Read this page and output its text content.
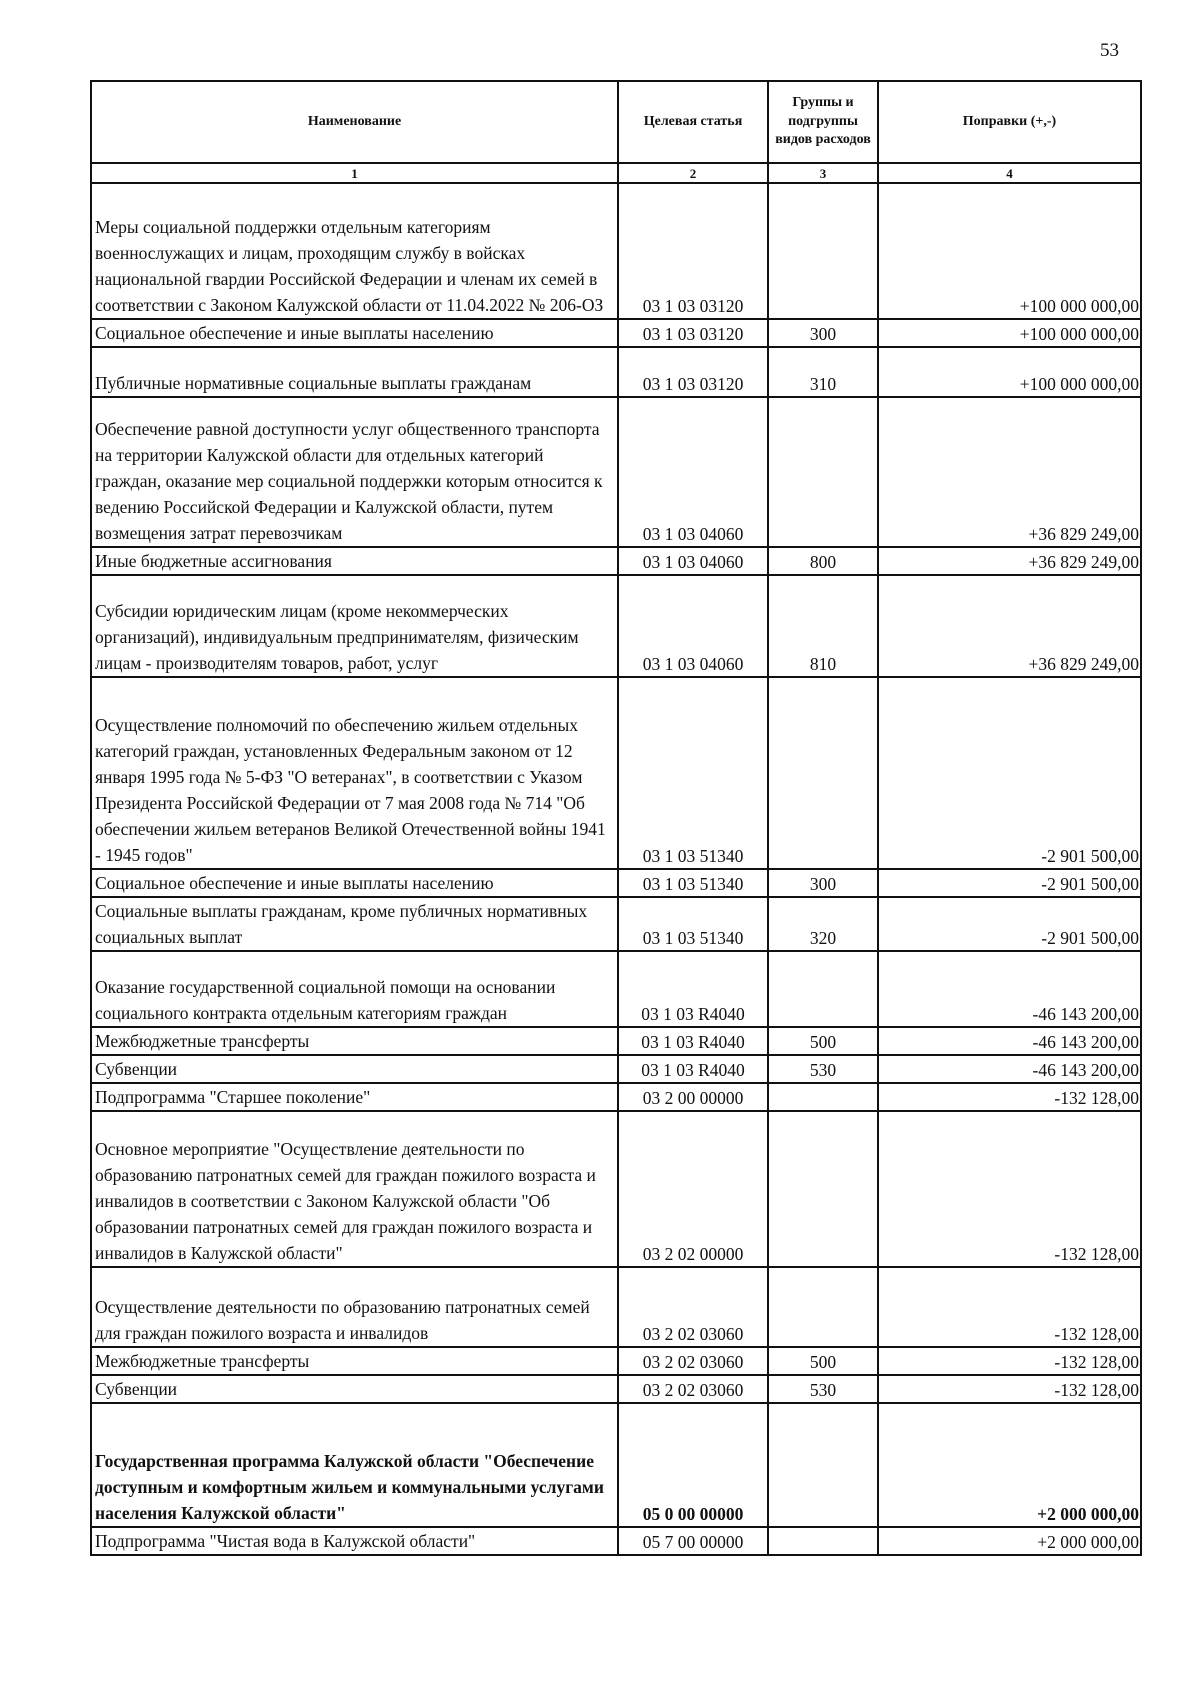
53
Наименование	Целевая статья	Группы и подгруппы видов расходов	Поправки (+,-)
1	2	3	4
Меры социальной поддержки отдельным категориям военнослужащих и лицам, проходящим службу в войсках национальной гвардии Российской Федерации и членам их семей в соответствии с Законом Калужской области от 11.04.2022 № 206-ОЗ	03 1 03 03120		+100 000 000,00
Социальное обеспечение и иные выплаты населению	03 1 03 03120	300	+100 000 000,00
Публичные нормативные социальные выплаты гражданам	03 1 03 03120	310	+100 000 000,00
Обеспечение равной доступности услуг общественного транспорта на территории Калужской области для отдельных категорий граждан, оказание мер социальной поддержки которым относится к ведению Российской Федерации и Калужской области, путем возмещения затрат перевозчикам	03 1 03 04060		+36 829 249,00
Иные бюджетные ассигнования	03 1 03 04060	800	+36 829 249,00
Субсидии юридическим лицам (кроме некоммерческих организаций), индивидуальным предпринимателям, физическим лицам - производителям товаров, работ, услуг	03 1 03 04060	810	+36 829 249,00
Осуществление полномочий по обеспечению жильем отдельных категорий граждан, установленных Федеральным законом от 12 января 1995 года № 5-ФЗ "О ветеранах", в соответствии с Указом Президента Российской Федерации от 7 мая 2008 года № 714 "Об обеспечении жильем ветеранов Великой Отечественной войны 1941 - 1945 годов"	03 1 03 51340		-2 901 500,00
Социальное обеспечение и иные выплаты населению	03 1 03 51340	300	-2 901 500,00
Социальные выплаты гражданам, кроме публичных нормативных социальных выплат	03 1 03 51340	320	-2 901 500,00
Оказание государственной социальной помощи на основании социального контракта отдельным категориям граждан	03 1 03 R4040		-46 143 200,00
Межбюджетные трансферты	03 1 03 R4040	500	-46 143 200,00
Субвенции	03 1 03 R4040	530	-46 143 200,00
Подпрограмма "Старшее поколение"	03 2 00 00000		-132 128,00
Основное мероприятие "Осуществление деятельности по образованию патронатных семей для граждан пожилого возраста и инвалидов в соответствии с Законом Калужской области "Об образовании патронатных семей для граждан пожилого возраста и инвалидов в Калужской области"	03 2 02 00000		-132 128,00
Осуществление деятельности по образованию патронатных семей для граждан пожилого возраста и инвалидов	03 2 02 03060		-132 128,00
Межбюджетные трансферты	03 2 02 03060	500	-132 128,00
Субвенции	03 2 02 03060	530	-132 128,00
Государственная программа Калужской области "Обеспечение доступным и комфортным жильем и коммунальными услугами населения Калужской области"	05 0 00 00000		+2 000 000,00
Подпрограмма "Чистая вода в Калужской области"	05 7 00 00000		+2 000 000,00
